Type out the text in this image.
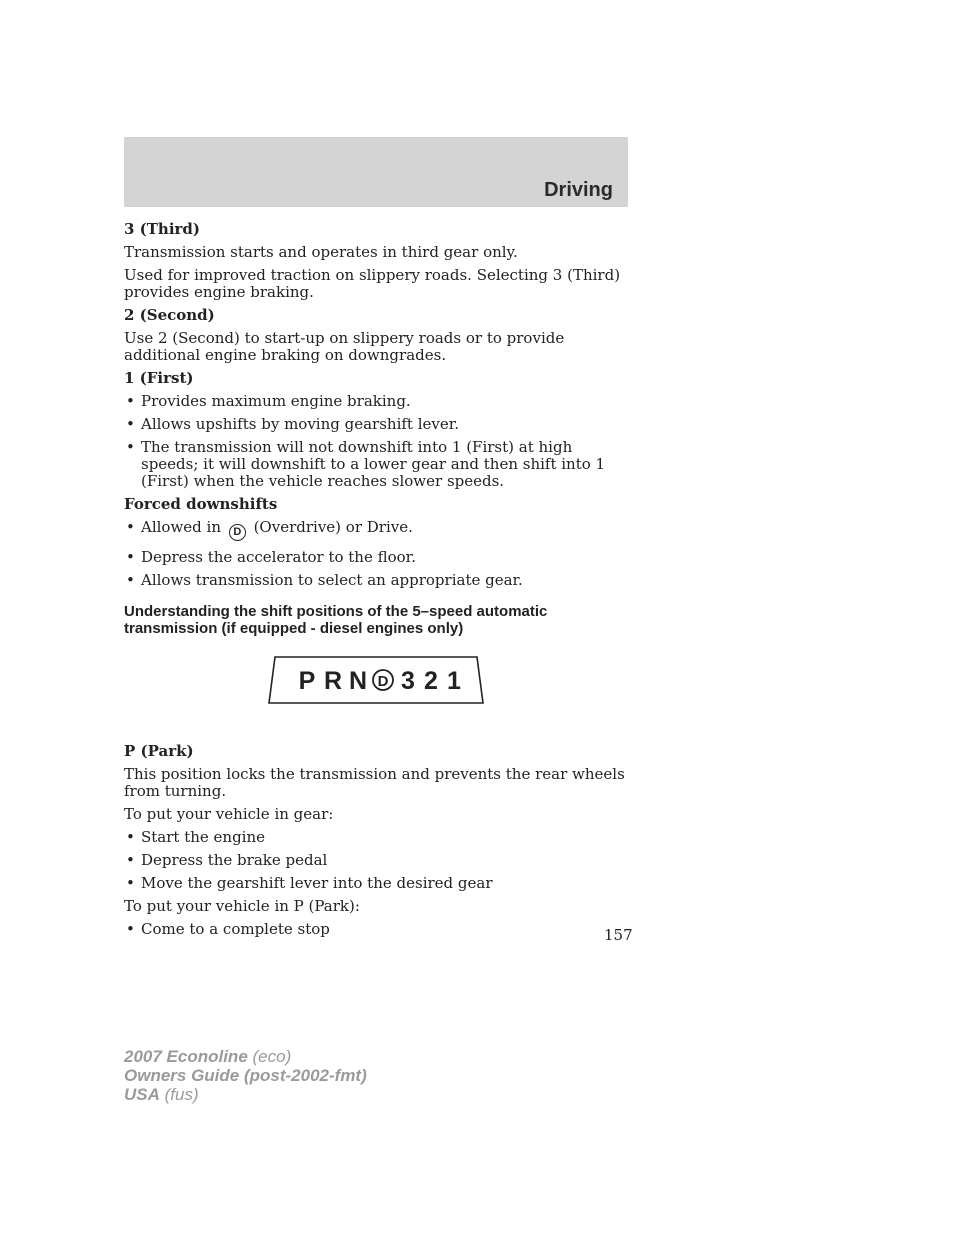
Driving
3 (Third)

Transmission starts and operates in third gear only.

Used for improved traction on slippery roads. Selecting 3 (Third) provides engine braking.

2 (Second)

Use 2 (Second) to start-up on slippery roads or to provide additional engine braking on downgrades.

1 (First)
• Provides maximum engine braking.
• Allows upshifts by moving gearshift lever.
• The transmission will not downshift into 1 (First) at high speeds; it will downshift to a lower gear and then shift into 1 (First) when the vehicle reaches slower speeds.
Forced downshifts
• Allowed in D (Overdrive) or Drive.
• Depress the accelerator to the floor.
• Allows transmission to select an appropriate gear.
Understanding the shift positions of the 5–speed automatic transmission (if equipped - diesel engines only)
P R N D 3 2 1
P (Park)

This position locks the transmission and prevents the rear wheels from turning.

To put your vehicle in gear:

• Start the engine
• Depress the brake pedal
• Move the gearshift lever into the desired gear

To put your vehicle in P (Park):

• Come to a complete stop	157
2007 Econoline (eco)
Owners Guide (post-2002-fmt)
USA (fus)
